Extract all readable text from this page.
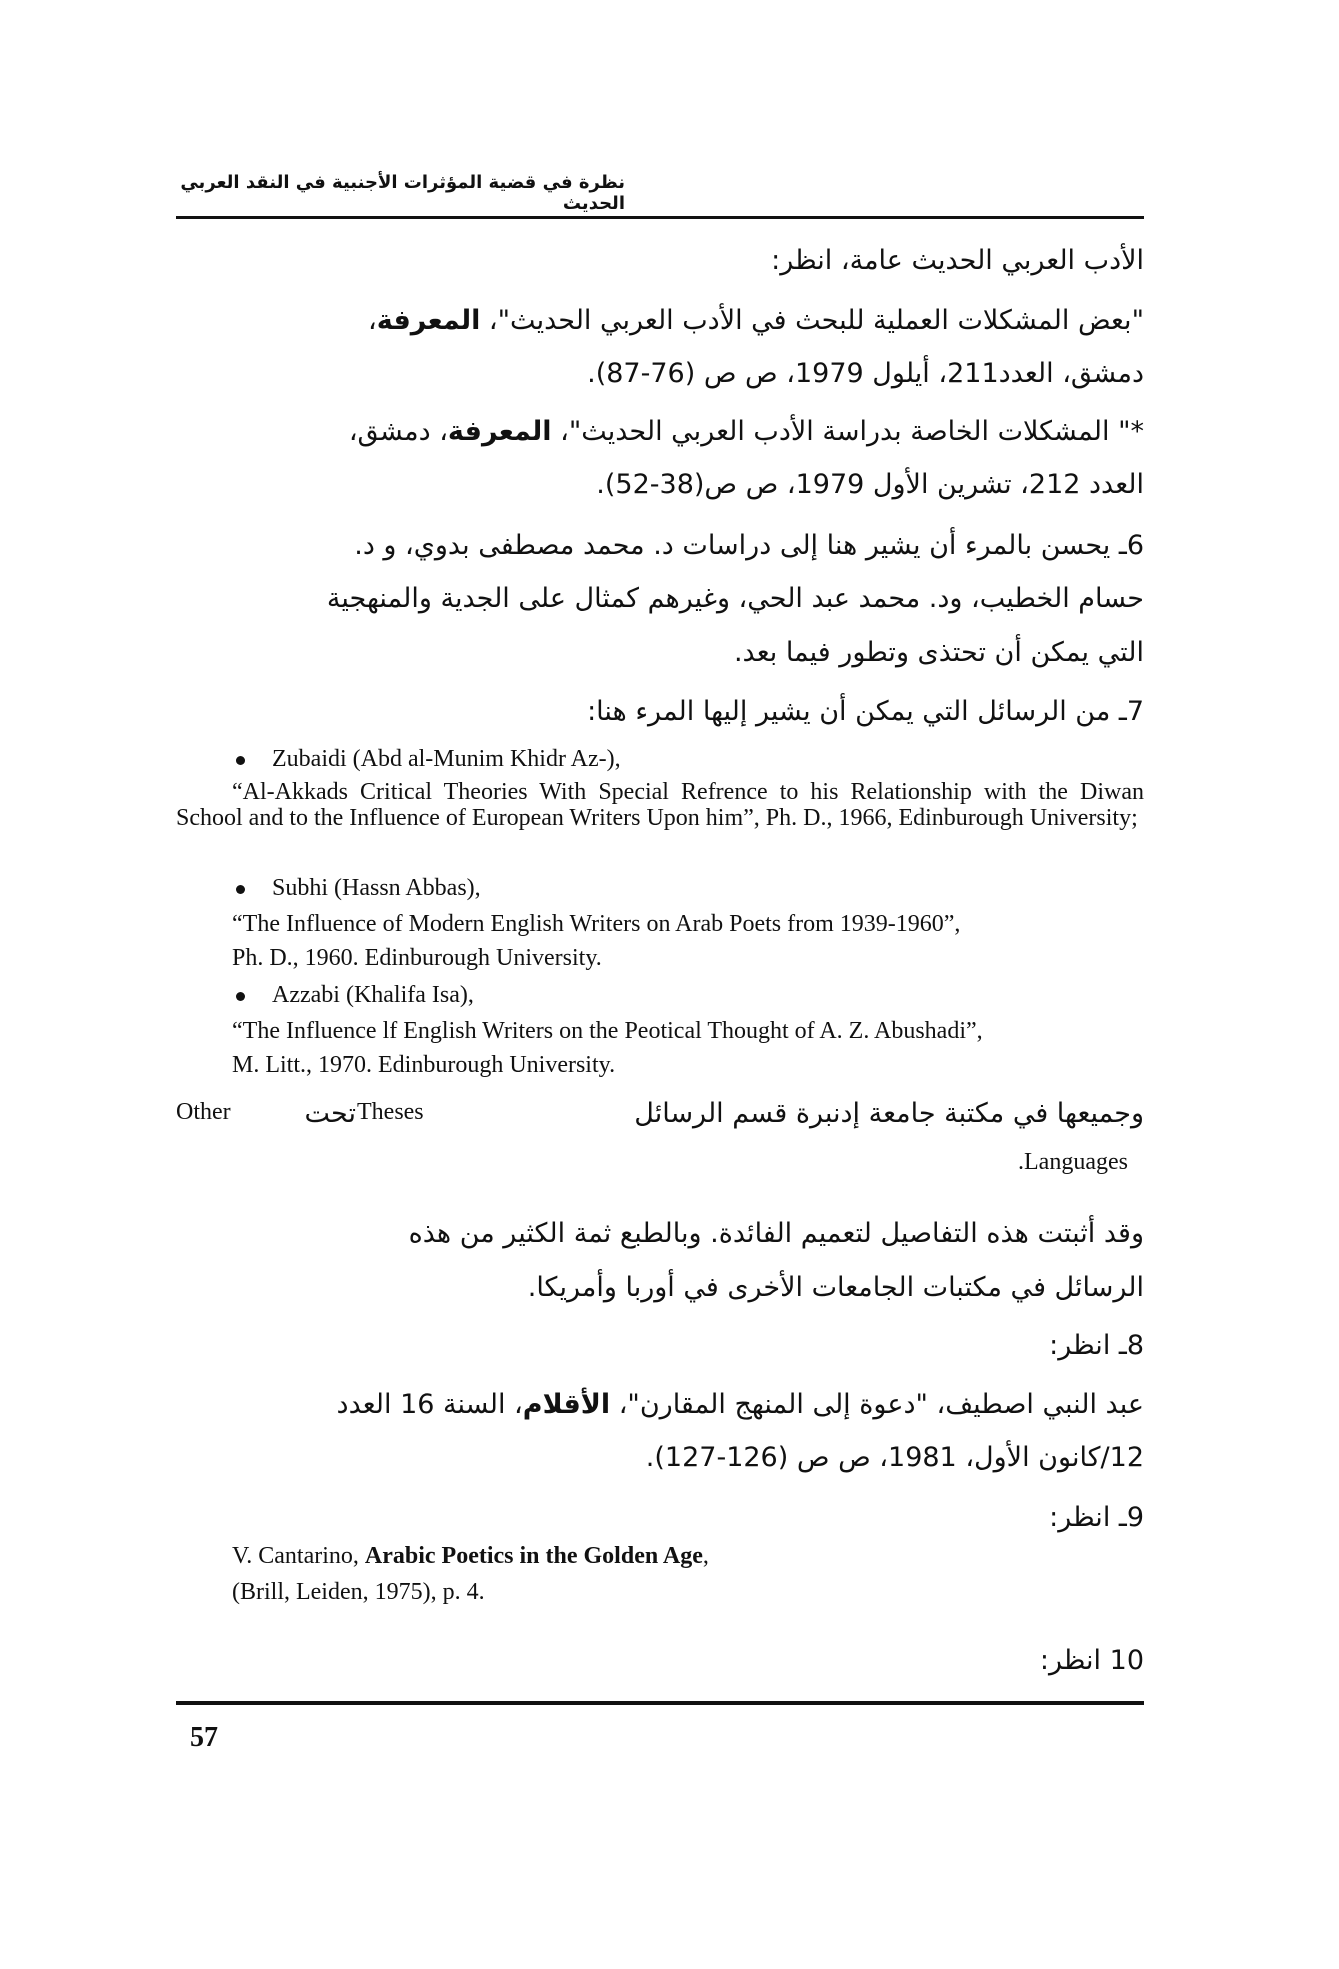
نظرة في قضية المؤثرات الأجنبية في النقد العربي الحديث
الأدب العربي الحديث عامة، انظر:
"بعض المشكلات العملية للبحث في الأدب العربي الحديث"، المعرفة،
دمشق، العدد211، أيلول 1979، ص ص (76-87).
*" المشكلات الخاصة بدراسة الأدب العربي الحديث"، المعرفة، دمشق،
العدد 212، تشرين الأول 1979، ص ص(38-52).
6ـ يحسن بالمرء أن يشير هنا إلى دراسات د. محمد مصطفى بدوي، و د.
حسام الخطيب، ود. محمد عبد الحي، وغيرهم كمثال على الجدية والمنهجية
التي يمكن أن تحتذى وتطور فيما بعد.
7ـ من الرسائل التي يمكن أن يشير إليها المرء هنا:
Zubaidi (Abd al-Munim Khidr Az-),
“Al-Akkads Critical Theories With Special Refrence to his Relationship with the Diwan School and to the Influence of European Writers Upon him”, Ph. D., 1966, Edinburough University;
Subhi (Hassn Abbas),
“The Influence of Modern English Writers on Arab Poets from 1939-1960”,
Ph. D., 1960. Edinburough University.
Azzabi (Khalifa Isa),
“The Influence lf English Writers on the Peotical Thought of A. Z. Abushadi”,
M. Litt., 1970. Edinburough University.
Other	وجميعها في مكتبة جامعة إدنبرة قسم الرسائل
Theses
تحت
.Languages
وقد أثبتت هذه التفاصيل لتعميم الفائدة. وبالطبع ثمة الكثير من هذه
الرسائل في مكتبات الجامعات الأخرى في أوربا وأمريكا.
8ـ انظر:
عبد النبي اصطيف، "دعوة إلى المنهج المقارن"، الأقلام، السنة 16 العدد
12/كانون الأول، 1981، ص ص (126-127).
9ـ انظر:
V. Cantarino, Arabic Poetics in the Golden Age,
(Brill, Leiden, 1975), p. 4.
10 انظر:
57
